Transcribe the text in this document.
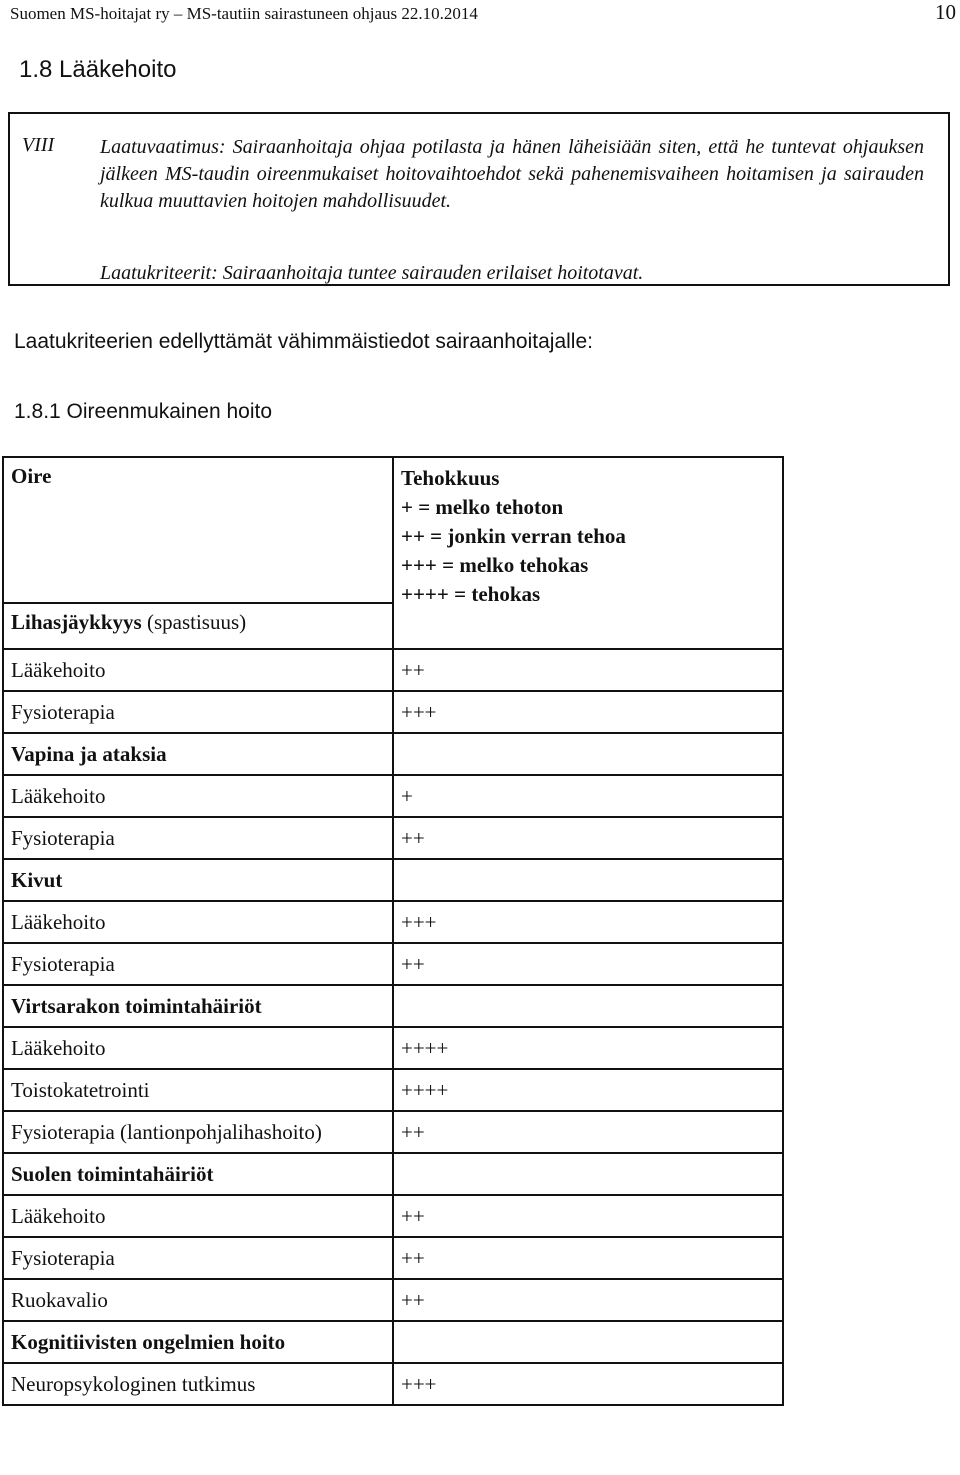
Suomen MS-hoitajat ry – MS-tautiin sairastuneen ohjaus 22.10.2014	10
1.8 Lääkehoito
VIII Laatuvaatimus: Sairaanhoitaja ohjaa potilasta ja hänen läheisiään siten, että he tuntevat ohjauksen jälkeen MS-taudin oireenmukaiset hoitovaihtoehdot sekä pahenemisvaiheen hoitamisen ja sairauden kulkua muuttavien hoitojen mahdollisuudet.
Laatukriteerit: Sairaanhoitaja tuntee sairauden erilaiset hoitotavat.
Laatukriteerien edellyttämät vähimmäistiedot sairaanhoitajalle:
1.8.1 Oireenmukainen hoito
Oire	Tehokkuus
+ = melko tehoton
++ = jonkin verran tehoa
+++ = melko tehokas
++++ = tehokas

Lihasjäykkyys (spastisuus)	
Lääkehoito	++
Fysioterapia	+++
Vapina ja ataksia	
Lääkehoito	+
Fysioterapia	++
Kivut	
Lääkehoito	+++
Fysioterapia	++
Virtsarakon toimintahäiriöt	
Lääkehoito	++++
Toistokatetrointi	++++
Fysioterapia (lantionpohjalihashoito)	++
Suolen toimintahäiriöt	
Lääkehoito	++
Fysioterapia	++
Ruokavalio	++
Kognitiivisten ongelmien hoito	
Neuropsykologinen tutkimus	+++
